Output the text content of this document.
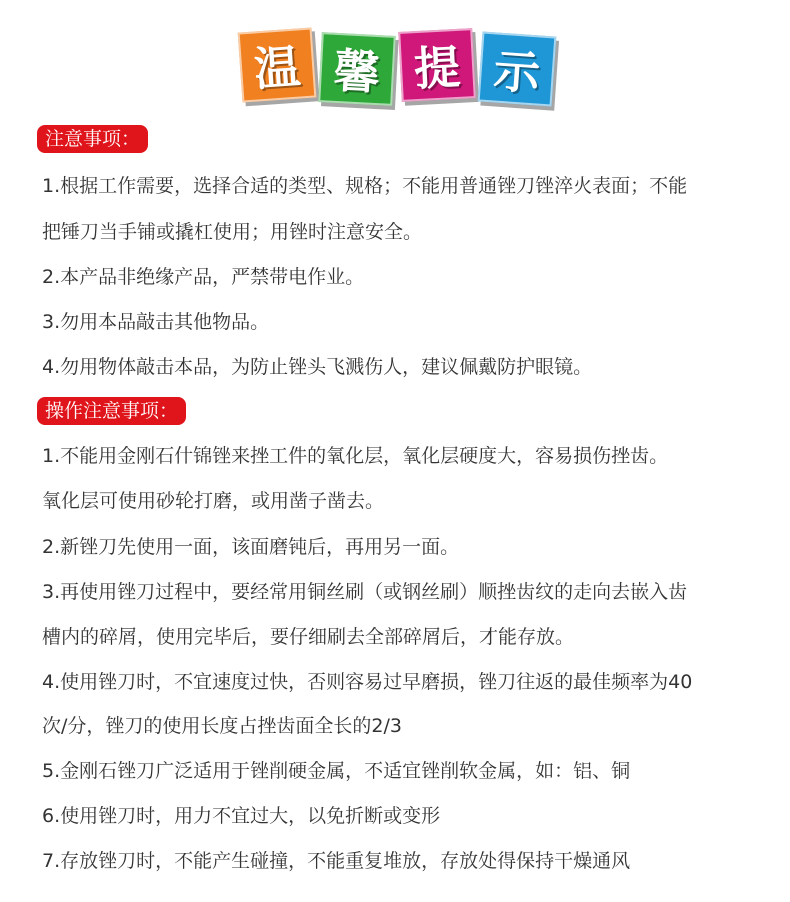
温 馨 提 示
注意事项：
1.根据工作需要，选择合适的类型、规格；不能用普通锉刀锉淬火表面；不能
把锤刀当手铺或撬杠使用；用锉时注意安全。
2.本产品非绝缘产品，严禁带电作业。
3.勿用本品敲击其他物品。
4.勿用物体敲击本品，为防止锉头飞溅伤人，建议佩戴防护眼镜。
操作注意事项：
1.不能用金刚石什锦锉来挫工件的氧化层，氧化层硬度大，容易损伤挫齿。
氧化层可使用砂轮打磨，或用凿子凿去。
2.新锉刀先使用一面，该面磨钝后，再用另一面。
3.再使用锉刀过程中，要经常用铜丝刷（或钢丝刷）顺挫齿纹的走向去嵌入齿
槽内的碎屑，使用完毕后，要仔细刷去全部碎屑后，才能存放。
4.使用锉刀时，不宜速度过快，否则容易过早磨损，锉刀往返的最佳频率为40
次/分，锉刀的使用长度占挫齿面全长的2/3
5.金刚石锉刀广泛适用于锉削硬金属，不适宜锉削软金属，如：铝、铜
6.使用锉刀时，用力不宜过大，以免折断或变形
7.存放锉刀时，不能产生碰撞，不能重复堆放，存放处得保持干燥通风
